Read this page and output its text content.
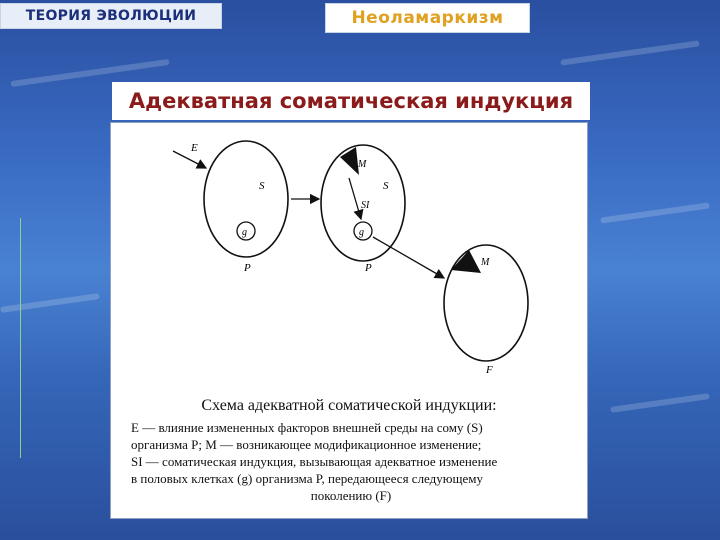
ТЕОРИЯ ЭВОЛЮЦИИ	Неоламаркизм
Адекватная соматическая индукция
E
S
g
P
M
S
SI
g
P	M
F
Схема адекватной соматической индукции:
E — влияние измененных факторов внешней среды на сому (S)
организма P; M — возникающее модификационное изменение;
SI — соматическая индукция, вызывающая адекватное изменение
в половых клетках (g) организма P, передающееся следующему
поколению (F)
